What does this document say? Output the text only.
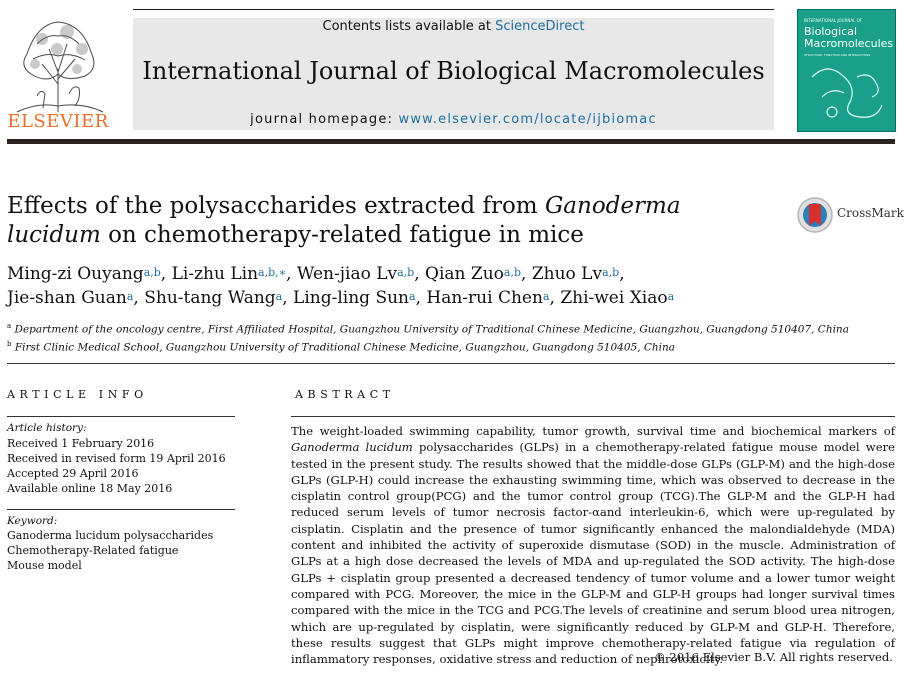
ELSEVIER
Contents lists available at ScienceDirect
International Journal of Biological Macromolecules
journal homepage: www.elsevier.com/locate/ijbiomac
INTERNATIONAL JOURNAL OF
Biological
Macromolecules
STRUCTURE, FUNCTION AND INTERACTIONS
Effects of the polysaccharides extracted from Ganoderma lucidum on chemotherapy-related fatigue in mice
CrossMark
Ming-zi Ouyang$^{a,b}$, Li-zhu Lin$^{a,b,∗}$, Wen-jiao Lv$^{a,b}$, Qian Zuo$^{a,b}$, Zhuo Lv$^{a,b}$,
Jie-shan Guan$^a$, Shu-tang Wang$^a$, Ling-ling Sun$^a$, Han-rui Chen$^a$, Zhi-wei Xiao$^a$
$^a$ Department of the oncology centre, First Affiliated Hospital, Guangzhou University of Traditional Chinese Medicine, Guangzhou, Guangdong 510407, China
$^b$ First Clinic Medical School, Guangzhou University of Traditional Chinese Medicine, Guangzhou, Guangdong 510405, China
ARTICLE INFO
Article history:
Received 1 February 2016
Received in revised form 19 April 2016
Accepted 29 April 2016
Available online 18 May 2016
Keyword:
Ganoderma lucidum polysaccharides
Chemotherapy-Related fatigue
Mouse model
ABSTRACT
The weight-loaded swimming capability, tumor growth, survival time and biochemical markers of Ganoderma lucidum polysaccharides (GLPs) in a chemotherapy-related fatigue mouse model were tested in the present study. The results showed that the middle-dose GLPs (GLP-M) and the high-dose GLPs (GLP-H) could increase the exhausting swimming time, which was observed to decrease in the cisplatin control group(PCG) and the tumor control group (TCG).The GLP-M and the GLP-H had reduced serum levels of tumor necrosis factor-αand interleukin-6, which were up-regulated by cisplatin. Cisplatin and the presence of tumor significantly enhanced the malondialdehyde (MDA) content and inhibited the activity of superoxide dismutase (SOD) in the muscle. Administration of GLPs at a high dose decreased the levels of MDA and up-regulated the SOD activity. The high-dose GLPs + cisplatin group presented a decreased tendency of tumor volume and a lower tumor weight compared with PCG. Moreover, the mice in the GLP-M and GLP-H groups had longer survival times compared with the mice in the TCG and PCG.The levels of creatinine and serum blood urea nitrogen, which are up-regulated by cisplatin, were significantly reduced by GLP-M and GLP-H. Therefore, these results suggest that GLPs might improve chemotherapy-related fatigue via regulation of inflammatory responses, oxidative stress and reduction of nephrotoxicity.
© 2016 Elsevier B.V. All rights reserved.
